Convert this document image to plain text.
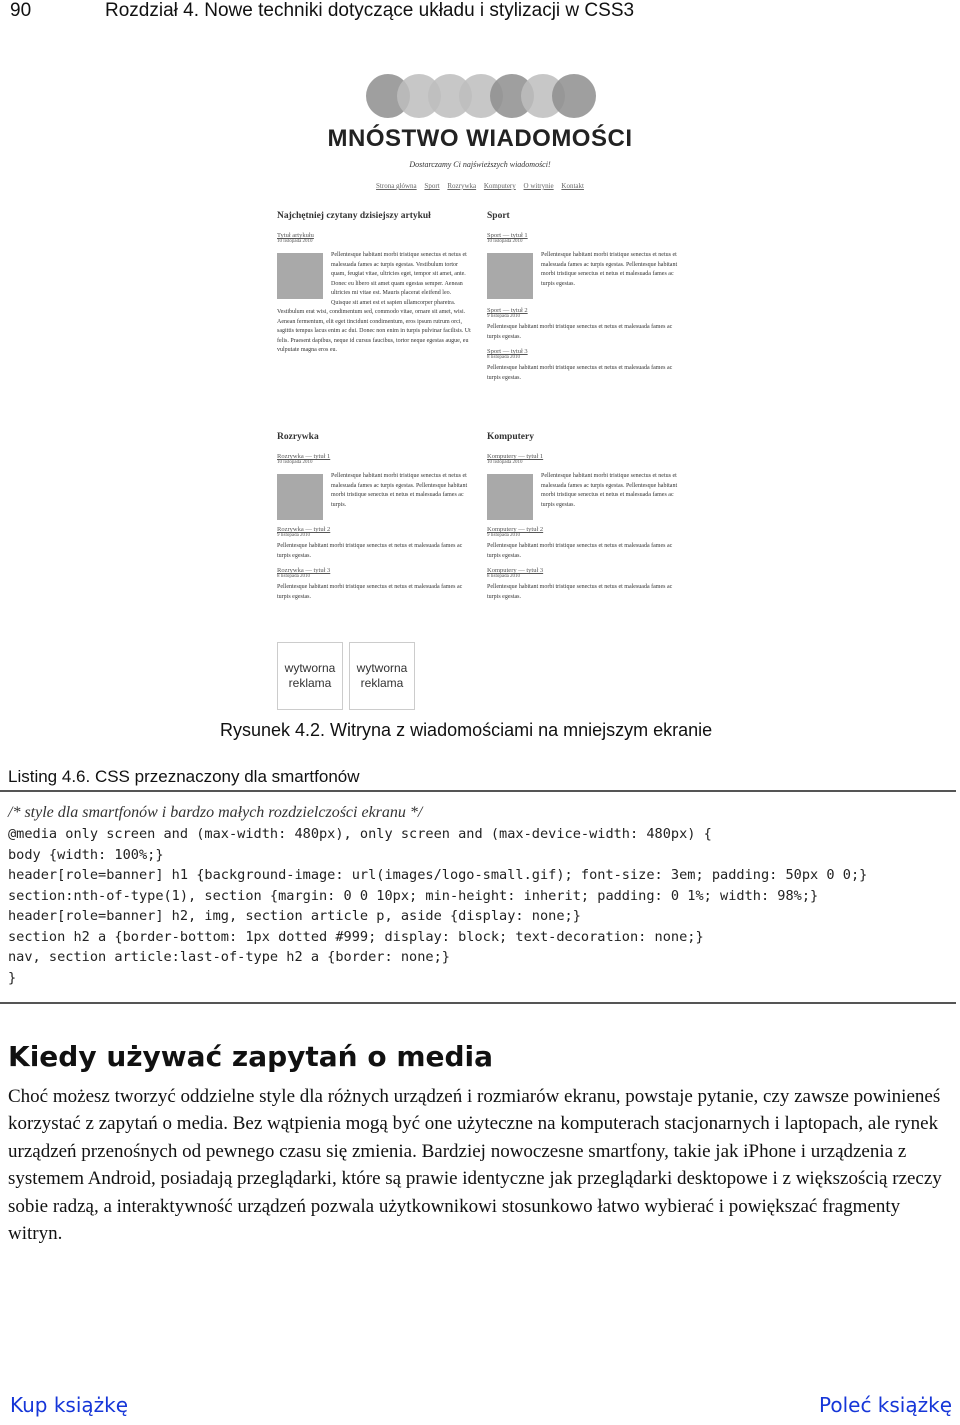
90	Rozdział 4. Nowe techniki dotyczące układu i stylizacji w CSS3
MNÓSTWO WIADOMOŚCI
Dostarczamy Ci najświeższych wiadomości!
Strona główna Sport Rozrywka Komputery O witrynie Kontakt
Najchętniej czytany dzisiejszy artykuł
Tytuł artykułu
10 listopada 2010
Pellentesque habitant morbi tristique senectus et netus et malesuada fames ac turpis egestas. Vestibulum tortor quam, feugiat vitae, ultricies eget, tempor sit amet, ante. Donec eu libero sit amet quam egestas semper. Aenean ultricies mi vitae est. Mauris placerat eleifend leo. Quisque sit amet est et sapien ullamcorper pharetra. Vestibulum erat wisi, condimentum sed, commodo vitae, ornare sit amet, wisi. Aenean fermentum, elit eget tincidunt condimentum, eros ipsum rutrum orci, sagittis tempus lacus enim ac dui. Donec non enim in turpis pulvinar facilisis. Ut felis. Praesent dapibus, neque id cursus faucibus, tortor neque egestas augue, eu vulputate magna eros eu.
Sport
Sport — tytuł 1
10 listopada 2010
Pellentesque habitant morbi tristique senectus et netus et malesuada fames ac turpis egestas. Pellentesque habitant morbi tristique senectus et netus et malesuada fames ac turpis egestas.
Sport — tytuł 2
9 listopada 2010
Pellentesque habitant morbi tristique senectus et netus et malesuada fames ac turpis egestas.
Sport — tytuł 3
8 listopada 2010
Pellentesque habitant morbi tristique senectus et netus et malesuada fames ac turpis egestas.
Rozrywka
Rozrywka — tytuł 1
10 listopada 2010
Pellentesque habitant morbi tristique senectus et netus et malesuada fames ac turpis egestas. Pellentesque habitant morbi tristique senectus et netus et malesuada fames ac turpis.
Rozrywka — tytuł 2
9 listopada 2010
Pellentesque habitant morbi tristique senectus et netus et malesuada fames ac turpis egestas.
Rozrywka — tytuł 3
8 listopada 2010
Pellentesque habitant morbi tristique senectus et netus et malesuada fames ac turpis egestas.
Komputery
Komputery — tytuł 1
10 listopada 2010
Pellentesque habitant morbi tristique senectus et netus et malesuada fames ac turpis egestas. Pellentesque habitant morbi tristique senectus et netus et malesuada fames ac turpis egestas.
Komputery — tytuł 2
9 listopada 2010
Pellentesque habitant morbi tristique senectus et netus et malesuada fames ac turpis egestas.
Komputery — tytuł 3
8 listopada 2010
Pellentesque habitant morbi tristique senectus et netus et malesuada fames ac turpis egestas.
wytworna reklama
wytworna reklama
Rysunek 4.2. Witryna z wiadomościami na mniejszym ekranie
Listing 4.6. CSS przeznaczony dla smartfonów
/* style dla smartfonów i bardzo małych rozdzielczości ekranu */
@media only screen and (max-width: 480px), only screen and (max-device-width: 480px) {
body {width: 100%;}
header[role=banner] h1 {background-image: url(images/logo-small.gif); font-size: 3em; padding: 50px 0 0;}
section:nth-of-type(1), section {margin: 0 0 10px; min-height: inherit; padding: 0 1%; width: 98%;}
header[role=banner] h2, img, section article p, aside {display: none;}
section h2 a {border-bottom: 1px dotted #999; display: block; text-decoration: none;}
nav, section article:last-of-type h2 a {border: none;}
}
Kiedy używać zapytań o media
Choć możesz tworzyć oddzielne style dla różnych urządzeń i rozmiarów ekranu, powstaje pytanie, czy zawsze powinieneś korzystać z zapytań o media. Bez wątpienia mogą być one użyteczne na komputerach stacjonarnych i laptopach, ale rynek urządzeń przenośnych od pewnego czasu się zmienia. Bardziej nowoczesne smartfony, takie jak iPhone i urządzenia z systemem Android, posiadają przeglądarki, które są prawie identyczne jak przeglądarki desktopowe i z większością rzeczy sobie radzą, a interaktywność urządzeń pozwala użytkownikowi stosunkowo łatwo wybierać i powiększać fragmenty witryn.
Kup książkę	Poleć książkę
